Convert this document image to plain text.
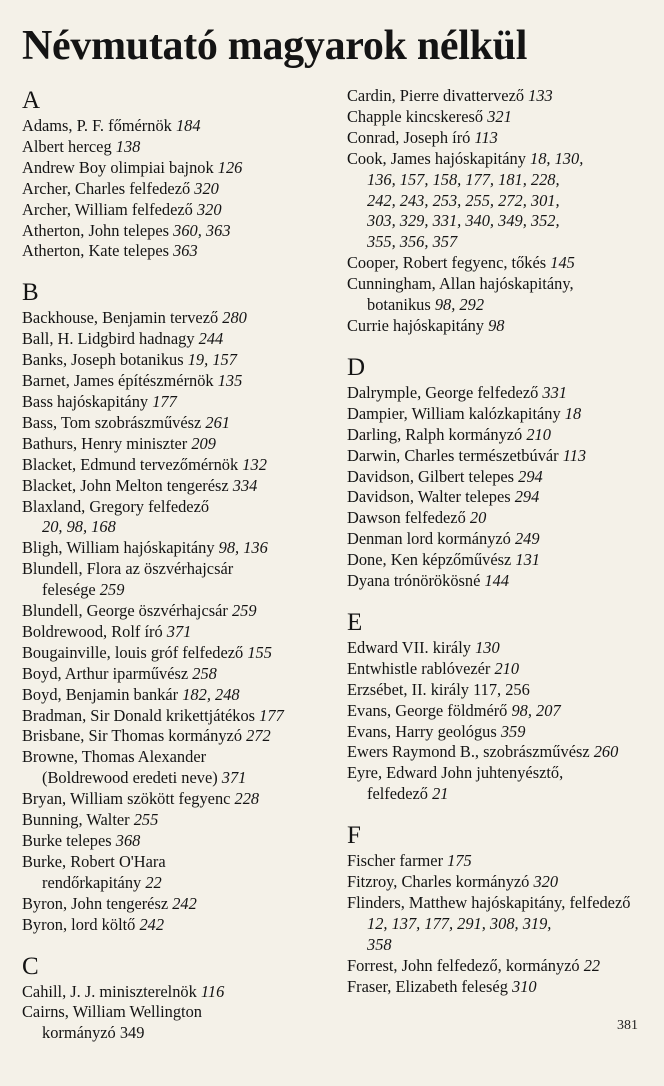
Névmutató magyarok nélkül
A
Adams, P. F. főmérnök 184
Albert herceg 138
Andrew Boy olimpiai bajnok 126
Archer, Charles felfedező 320
Archer, William felfedező 320
Atherton, John telepes 360, 363
Atherton, Kate telepes 363
B
Backhouse, Benjamin tervező 280
Ball, H. Lidgbird hadnagy 244
Banks, Joseph botanikus 19, 157
Barnet, James építészmérnök 135
Bass hajóskapitány 177
Bass, Tom szobrászművész 261
Bathurs, Henry miniszter 209
Blacket, Edmund tervezőmérnök 132
Blacket, John Melton tengerész 334
Blaxland, Gregory felfedező
20, 98, 168
Bligh, William hajóskapitány 98, 136
Blundell, Flora az öszvérhajcsár
felesége 259
Blundell, George öszvérhajcsár 259
Boldrewood, Rolf író 371
Bougainville, louis gróf felfedező 155
Boyd, Arthur iparművész 258
Boyd, Benjamin bankár 182, 248
Bradman, Sir Donald krikettjátékos 177
Brisbane, Sir Thomas kormányzó 272
Browne, Thomas Alexander
(Boldrewood eredeti neve) 371
Bryan, William szökött fegyenc 228
Bunning, Walter 255
Burke telepes 368
Burke, Robert O'Hara
rendőrkapitány 22
Byron, John tengerész 242
Byron, lord költő 242
C
Cahill, J. J. miniszterelnök 116
Cairns, William Wellington
kormányzó 349
Cardin, Pierre divattervező 133
Chapple kincskereső 321
Conrad, Joseph író 113
Cook, James hajóskapitány 18, 130,
136, 157, 158, 177, 181, 228,
242, 243, 253, 255, 272, 301,
303, 329, 331, 340, 349, 352,
355, 356, 357
Cooper, Robert fegyenc, tőkés 145
Cunningham, Allan hajóskapitány,
botanikus 98, 292
Currie hajóskapitány 98
D
Dalrymple, George felfedező 331
Dampier, William kalózkapitány 18
Darling, Ralph kormányzó 210
Darwin, Charles természetbúvár 113
Davidson, Gilbert telepes 294
Davidson, Walter telepes 294
Dawson felfedező 20
Denman lord kormányzó 249
Done, Ken képzőművész 131
Dyana trónörökösné 144
E
Edward VII. király 130
Entwhistle rablóvezér 210
Erzsébet, II. király 117, 256
Evans, George földmérő 98, 207
Evans, Harry geológus 359
Ewers Raymond B., szobrászművész 260
Eyre, Edward John juhtenyésztő,
felfedező 21
F
Fischer farmer 175
Fitzroy, Charles kormányzó 320
Flinders, Matthew hajóskapitány, felfedező
12, 137, 177, 291, 308, 319,
358
Forrest, John felfedező, kormányzó 22
Fraser, Elizabeth feleség 310
381
